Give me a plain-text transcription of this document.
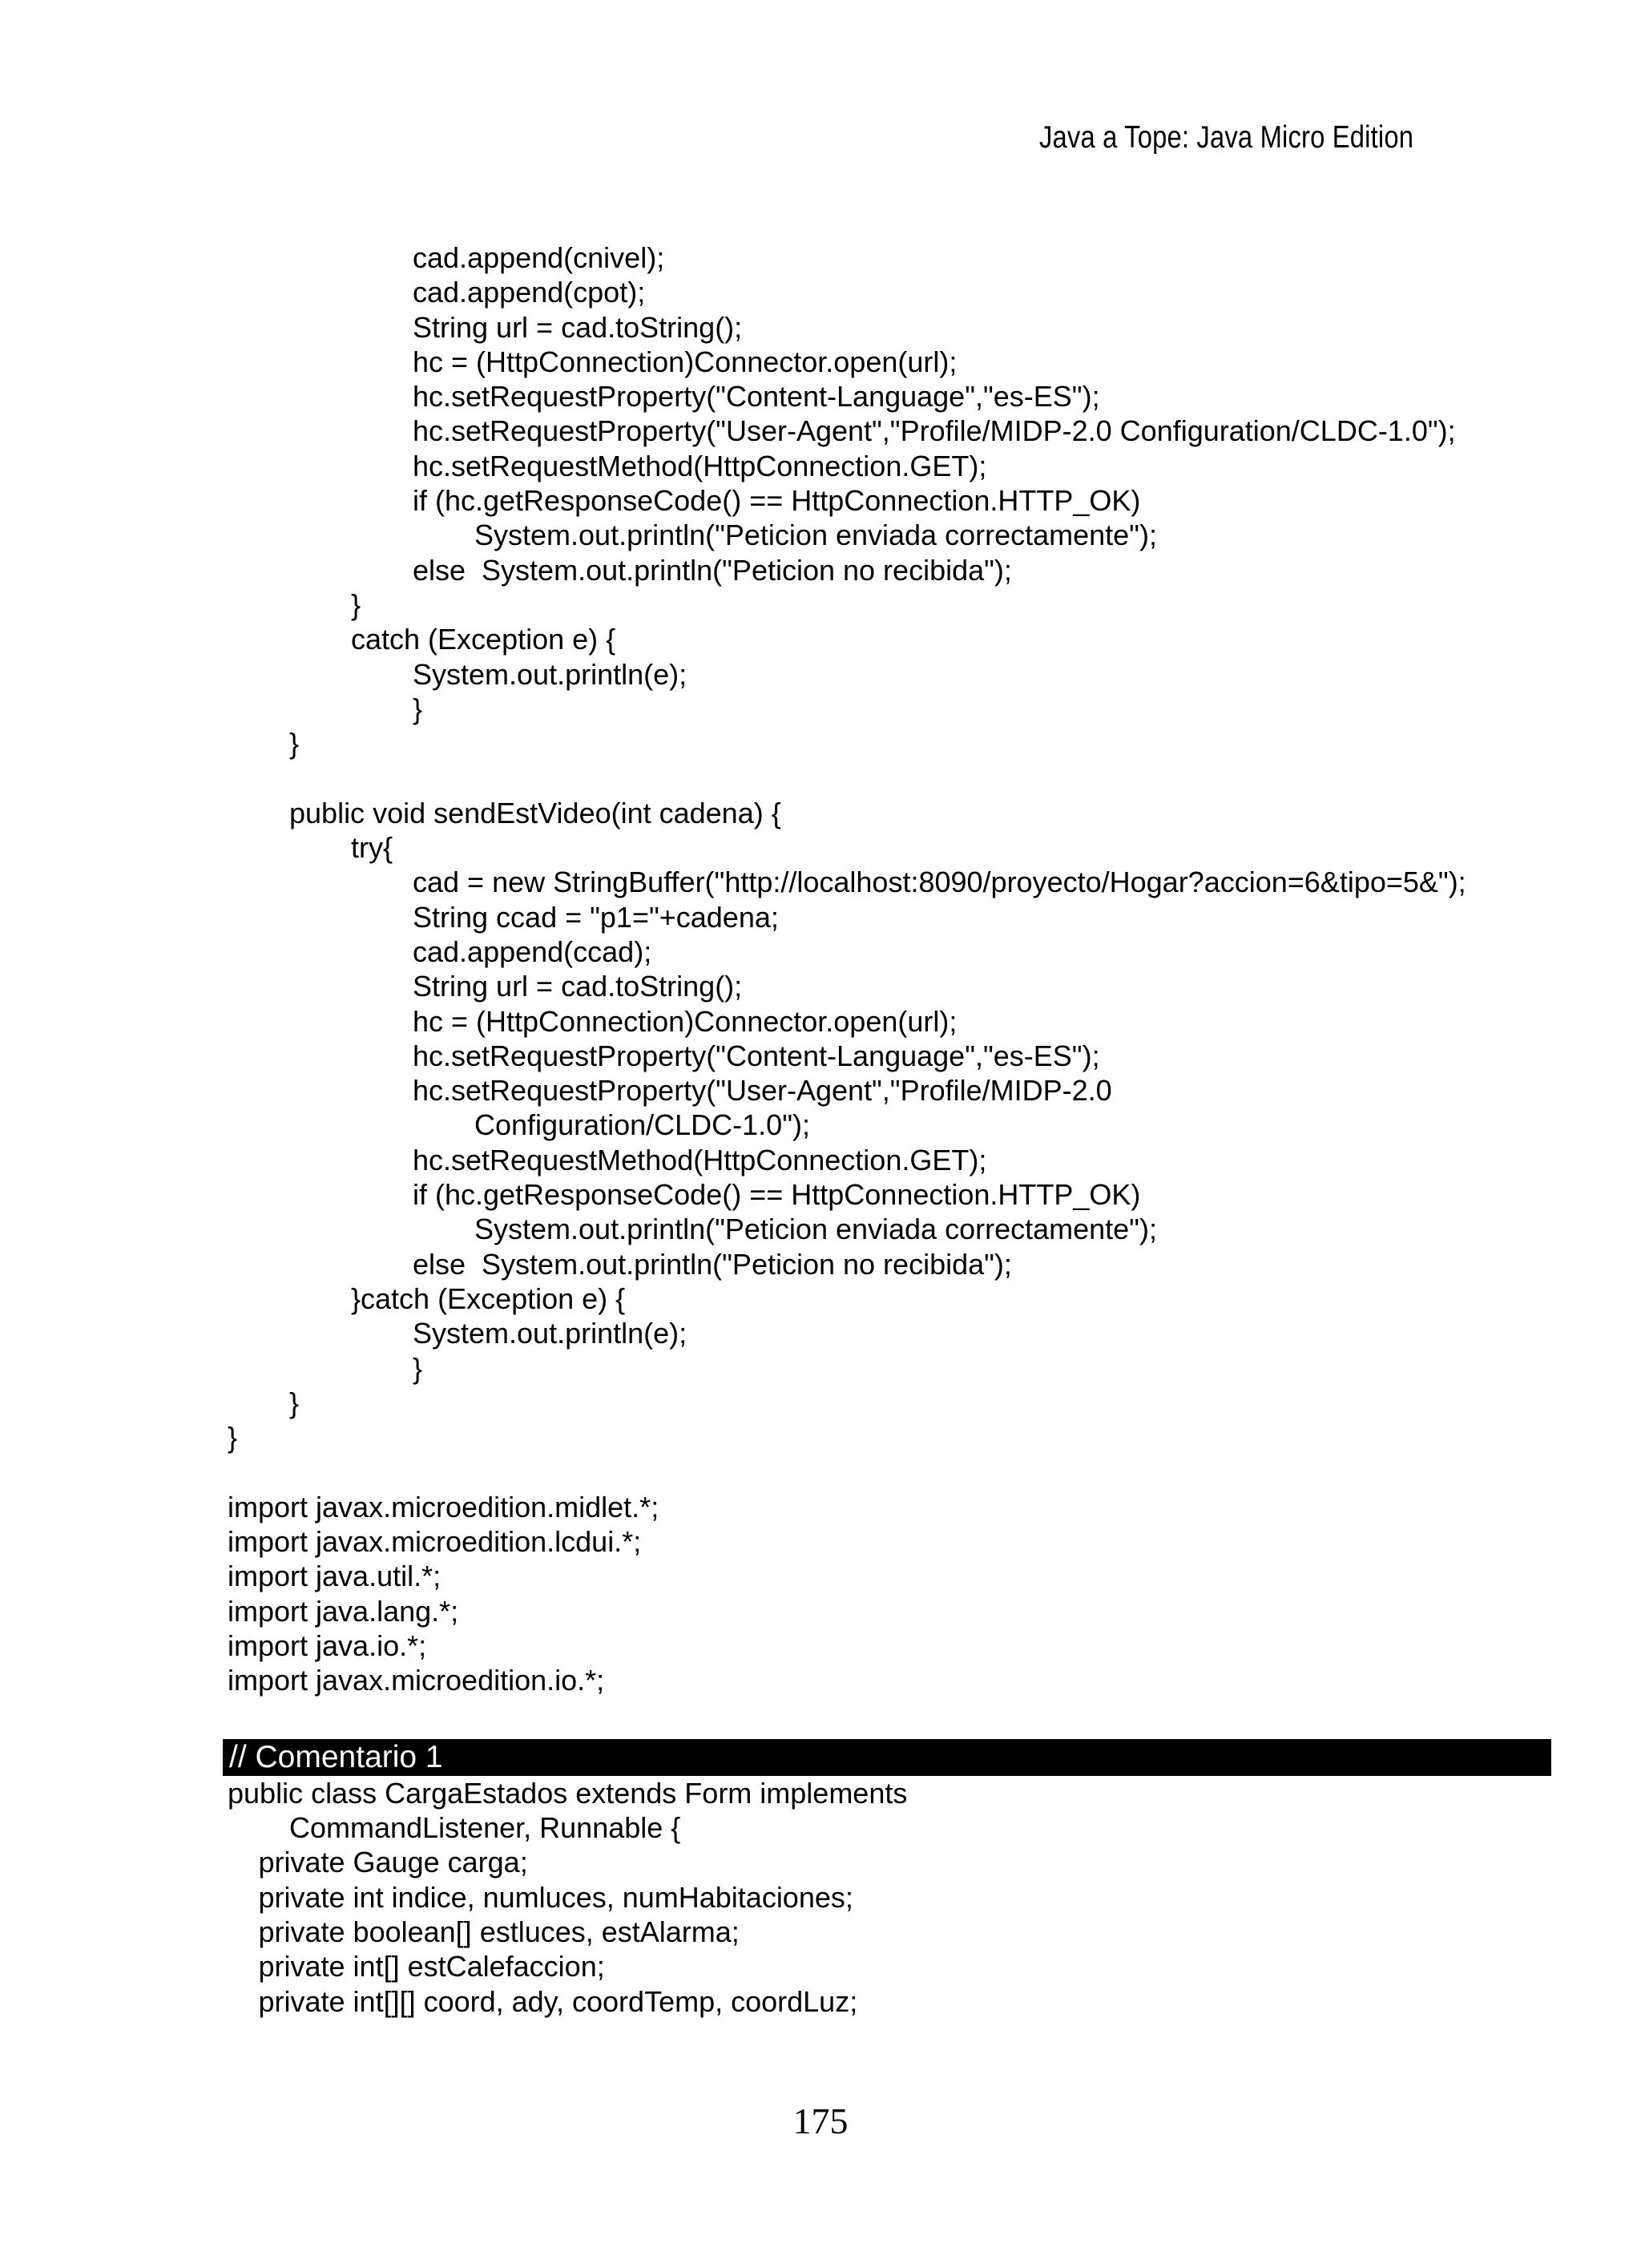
Java a Tope: Java Micro Edition
cad.append(cnivel);
cad.append(cpot);
String url = cad.toString();
hc = (HttpConnection)Connector.open(url);
hc.setRequestProperty("Content-Language","es-ES");
hc.setRequestProperty("User-Agent","Profile/MIDP-2.0 Configuration/CLDC-1.0");
hc.setRequestMethod(HttpConnection.GET);
if (hc.getResponseCode() == HttpConnection.HTTP_OK)
System.out.println("Peticion enviada correctamente");
else  System.out.println("Peticion no recibida");
}
catch (Exception e) {
System.out.println(e);
}
}
public void sendEstVideo(int cadena) {
try{
cad = new StringBuffer("http://localhost:8090/proyecto/Hogar?accion=6&tipo=5&");
String ccad = "p1="+cadena;
cad.append(ccad);
String url = cad.toString();
hc = (HttpConnection)Connector.open(url);
hc.setRequestProperty("Content-Language","es-ES");
hc.setRequestProperty("User-Agent","Profile/MIDP-2.0
Configuration/CLDC-1.0");
hc.setRequestMethod(HttpConnection.GET);
if (hc.getResponseCode() == HttpConnection.HTTP_OK)
System.out.println("Peticion enviada correctamente");
else  System.out.println("Peticion no recibida");
}catch (Exception e) {
System.out.println(e);
}
}
}
import javax.microedition.midlet.*;
import javax.microedition.lcdui.*;
import java.util.*;
import java.lang.*;
import java.io.*;
import javax.microedition.io.*;
// Comentario 1
public class CargaEstados extends Form implements
CommandListener, Runnable {
private Gauge carga;
private int indice, numluces, numHabitaciones;
private boolean[] estluces, estAlarma;
private int[] estCalefaccion;
private int[][] coord, ady, coordTemp, coordLuz;
175
